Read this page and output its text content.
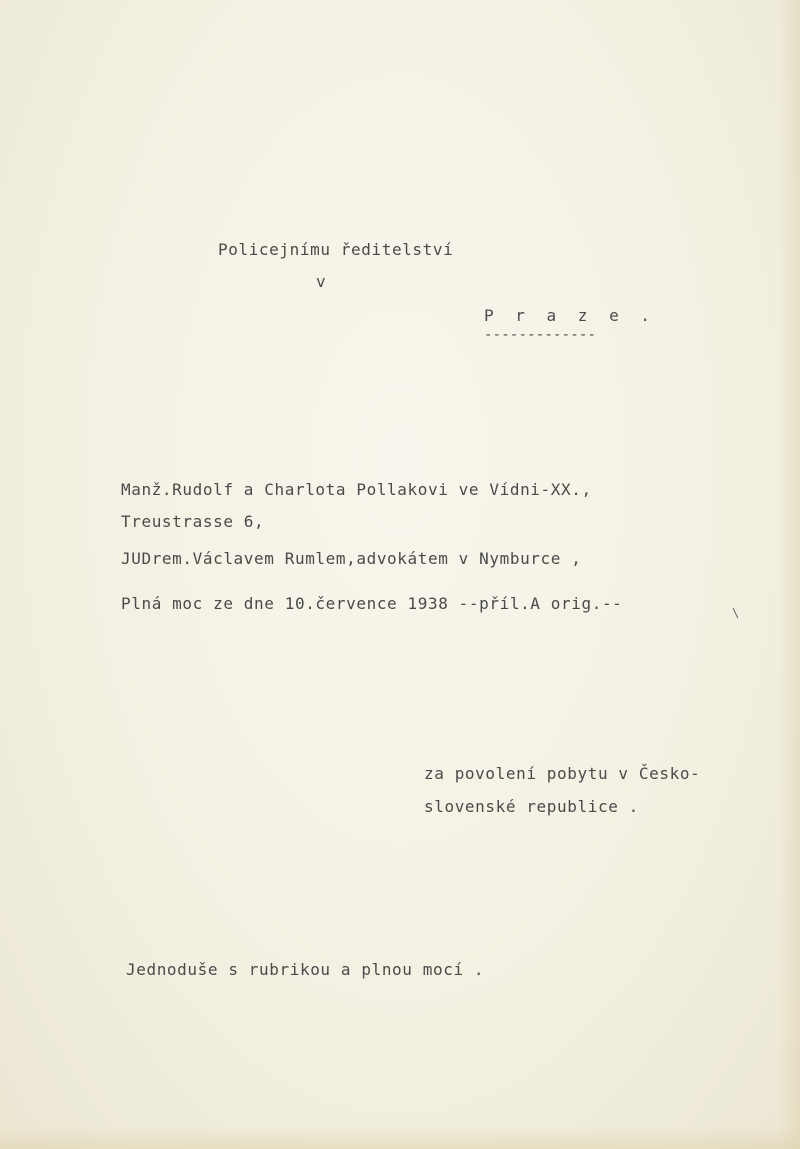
Policejnímu ředitelství
v
P r a z e .
-------------
Manž.Rudolf a Charlota Pollakovi ve Vídni-XX.,
Treustrasse 6,
JUDrem.Václavem Rumlem,advokátem v Nymburce ,
Plná moc ze dne 10.července 1938 --příl.A orig.--	\
za povolení pobytu v Česko-
slovenské republice .
Jednoduše s rubrikou a plnou mocí .
